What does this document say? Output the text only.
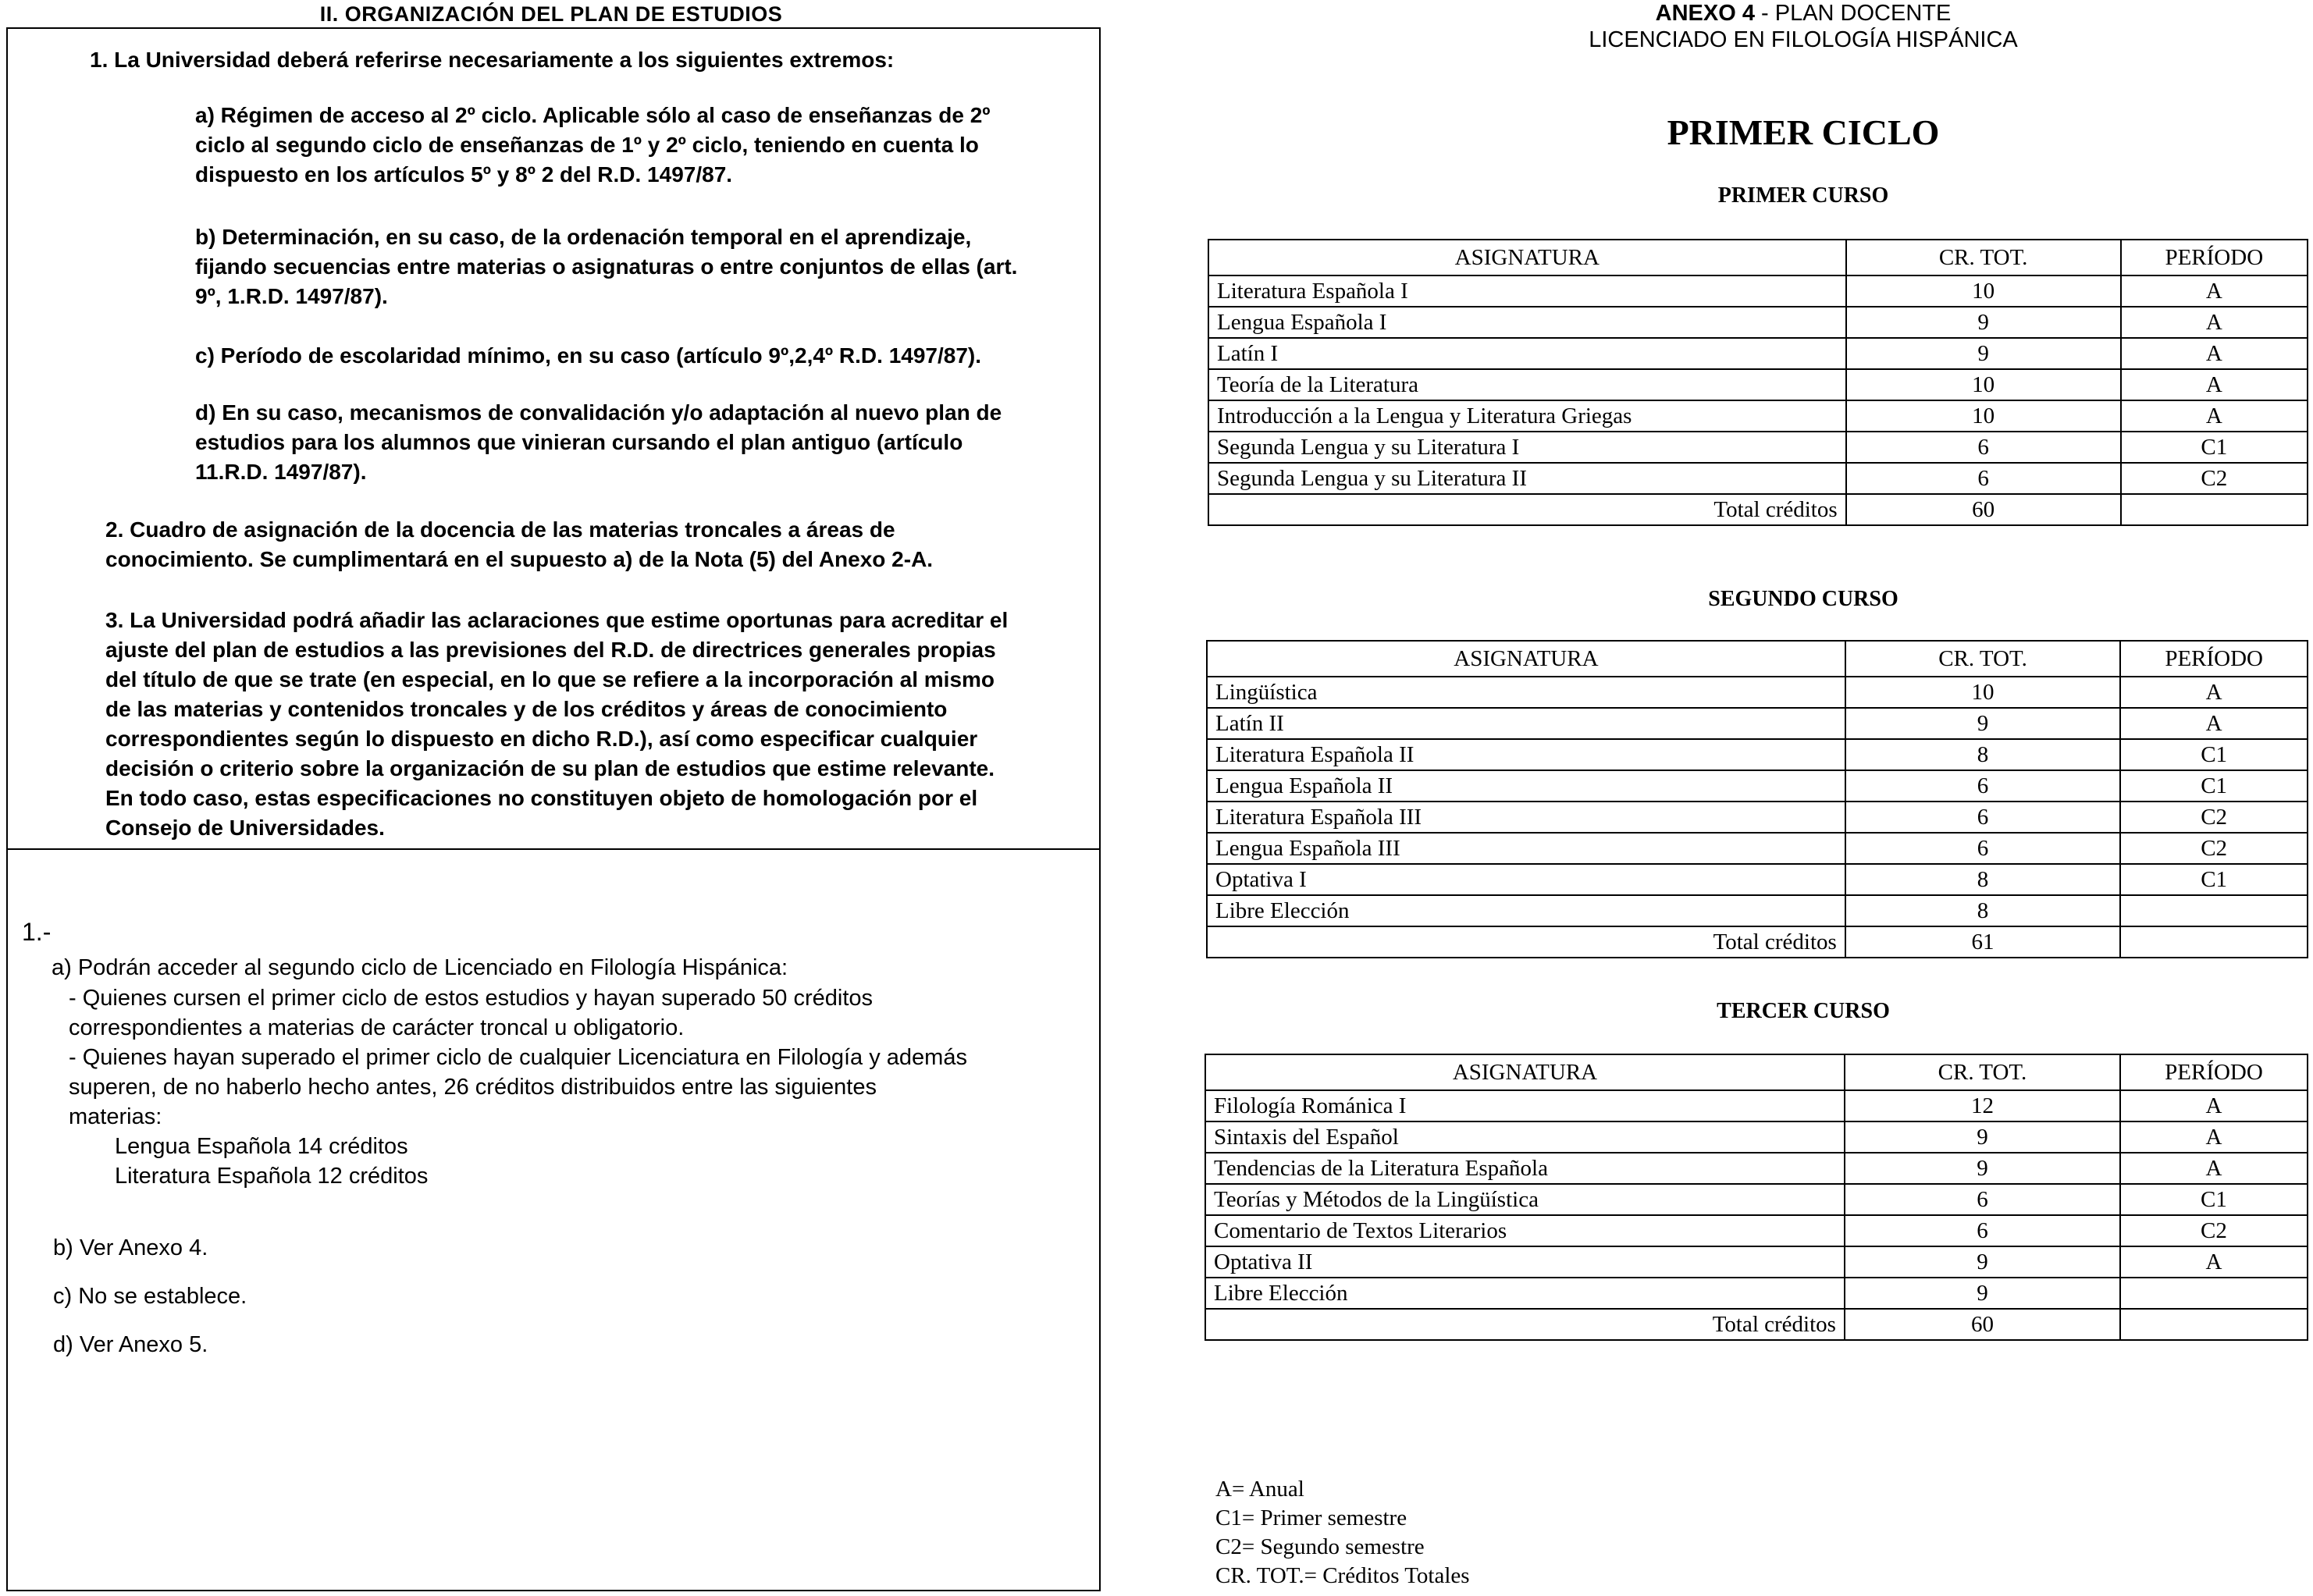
II. ORGANIZACIÓN DEL PLAN DE ESTUDIOS

1. La Universidad deberá referirse necesariamente a los siguientes extremos:

a) Régimen de acceso al 2º ciclo. Aplicable sólo al caso de enseñanzas de 2º
ciclo al segundo ciclo de enseñanzas de 1º y 2º ciclo, teniendo en cuenta lo
dispuesto en los artículos 5º y 8º 2 del R.D. 1497/87.

b) Determinación, en su caso, de la ordenación temporal en el aprendizaje,
fijando secuencias entre materias o asignaturas o entre conjuntos de ellas (art.
9º, 1.R.D. 1497/87).

c) Período de escolaridad mínimo, en su caso (artículo 9º,2,4º R.D. 1497/87).

d) En su caso, mecanismos de convalidación y/o adaptación al nuevo plan de
estudios para los alumnos que vinieran cursando el plan antiguo (artículo
11.R.D. 1497/87).

2. Cuadro de asignación de la docencia de las materias troncales a áreas de
conocimiento. Se cumplimentará en el supuesto a) de la Nota (5) del Anexo 2-A.

3. La Universidad podrá añadir las aclaraciones que estime oportunas para acreditar el
ajuste del plan de estudios a las previsiones del R.D. de directrices generales propias
del título de que se trate (en especial, en lo que se refiere a la incorporación al mismo
de las materias y contenidos troncales y de los créditos y áreas de conocimiento
correspondientes según lo dispuesto en dicho R.D.), así como especificar cualquier
decisión o criterio sobre la organización de su plan de estudios que estime relevante.
En todo caso, estas especificaciones no constituyen objeto de homologación por el
Consejo de Universidades.

1.-

a) Podrán acceder al segundo ciclo de Licenciado en Filología Hispánica:

- Quienes cursen el primer ciclo de estos estudios y hayan superado 50 créditos
correspondientes a materias de carácter troncal u obligatorio.

- Quienes hayan superado el primer ciclo de cualquier Licenciatura en Filología y además
superen, de no haberlo hecho antes, 26 créditos distribuidos entre las siguientes
materias:

Lengua Española 14 créditos
Literatura Española 12 créditos

b) Ver Anexo 4.

c) No se establece.

d) Ver Anexo 5.

ANEXO 4 - PLAN DOCENTE
LICENCIADO EN FILOLOGÍA HISPÁNICA
PRIMER CICLO
PRIMER CURSO
ASIGNATURA	CR. TOT.	PERÍODO
Literatura Española I	10	A
Lengua Española I	9	A
Latín I	9	A
Teoría de la Literatura	10	A
Introducción a la Lengua y Literatura Griegas	10	A
Segunda Lengua y su Literatura I	6	C1
Segunda Lengua y su Literatura II	6	C2
Total créditos	60	
SEGUNDO CURSO
ASIGNATURA	CR. TOT.	PERÍODO
Lingüística	10	A
Latín II	9	A
Literatura Española II	8	C1
Lengua Española II	6	C1
Literatura Española III	6	C2
Lengua Española III	6	C2
Optativa I	8	C1
Libre Elección	8	
Total créditos	61	
TERCER CURSO
ASIGNATURA	CR. TOT.	PERÍODO
Filología Románica I	12	A
Sintaxis del Español	9	A
Tendencias de la Literatura Española	9	A
Teorías y Métodos de la Lingüística	6	C1
Comentario de Textos Literarios	6	C2
Optativa II	9	A
Libre Elección	9	
Total créditos	60	
A= Anual
C1= Primer semestre
C2= Segundo semestre
CR. TOT.= Créditos Totales
